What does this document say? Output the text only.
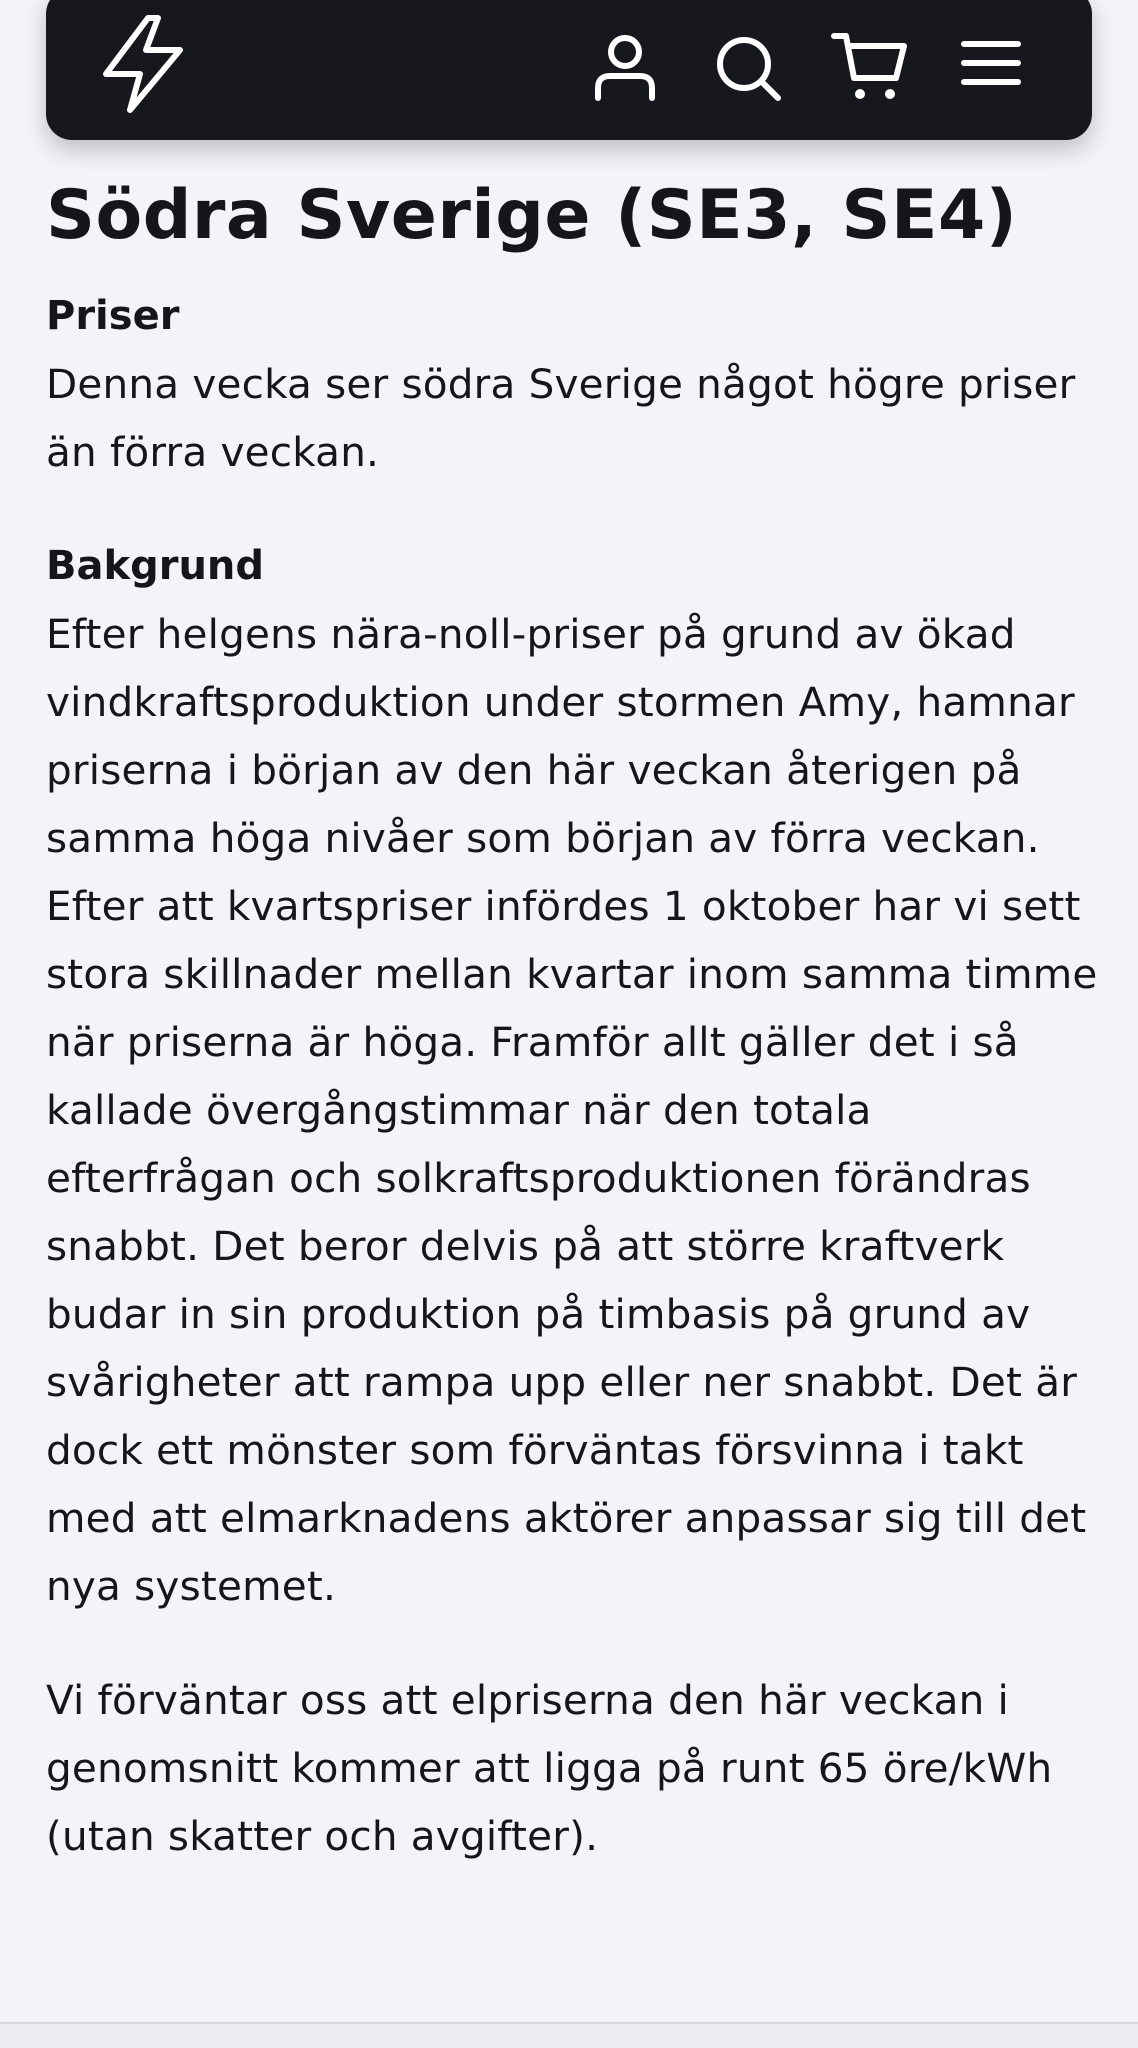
Södra Sverige (SE3, SE4)

Priser

Denna vecka ser södra Sverige något högre priser än förra veckan.

Bakgrund

Efter helgens nära-noll-priser på grund av ökad vindkraftsproduktion under stormen Amy, hamnar priserna i början av den här veckan återigen på samma höga nivåer som början av förra veckan.

Efter att kvartspriser infördes 1 oktober har vi sett stora skillnader mellan kvartar inom samma timme när priserna är höga. Framför allt gäller det i så kallade övergångstimmar när den totala efterfrågan och solkraftsproduktionen förändras snabbt. Det beror delvis på att större kraftverk budar in sin produktion på timbasis på grund av svårigheter att rampa upp eller ner snabbt. Det är dock ett mönster som förväntas försvinna i takt med att elmarknadens aktörer anpassar sig till det nya systemet.

Vi förväntar oss att elpriserna den här veckan i genomsnitt kommer att ligga på runt 65 öre/kWh (utan skatter och avgifter).
